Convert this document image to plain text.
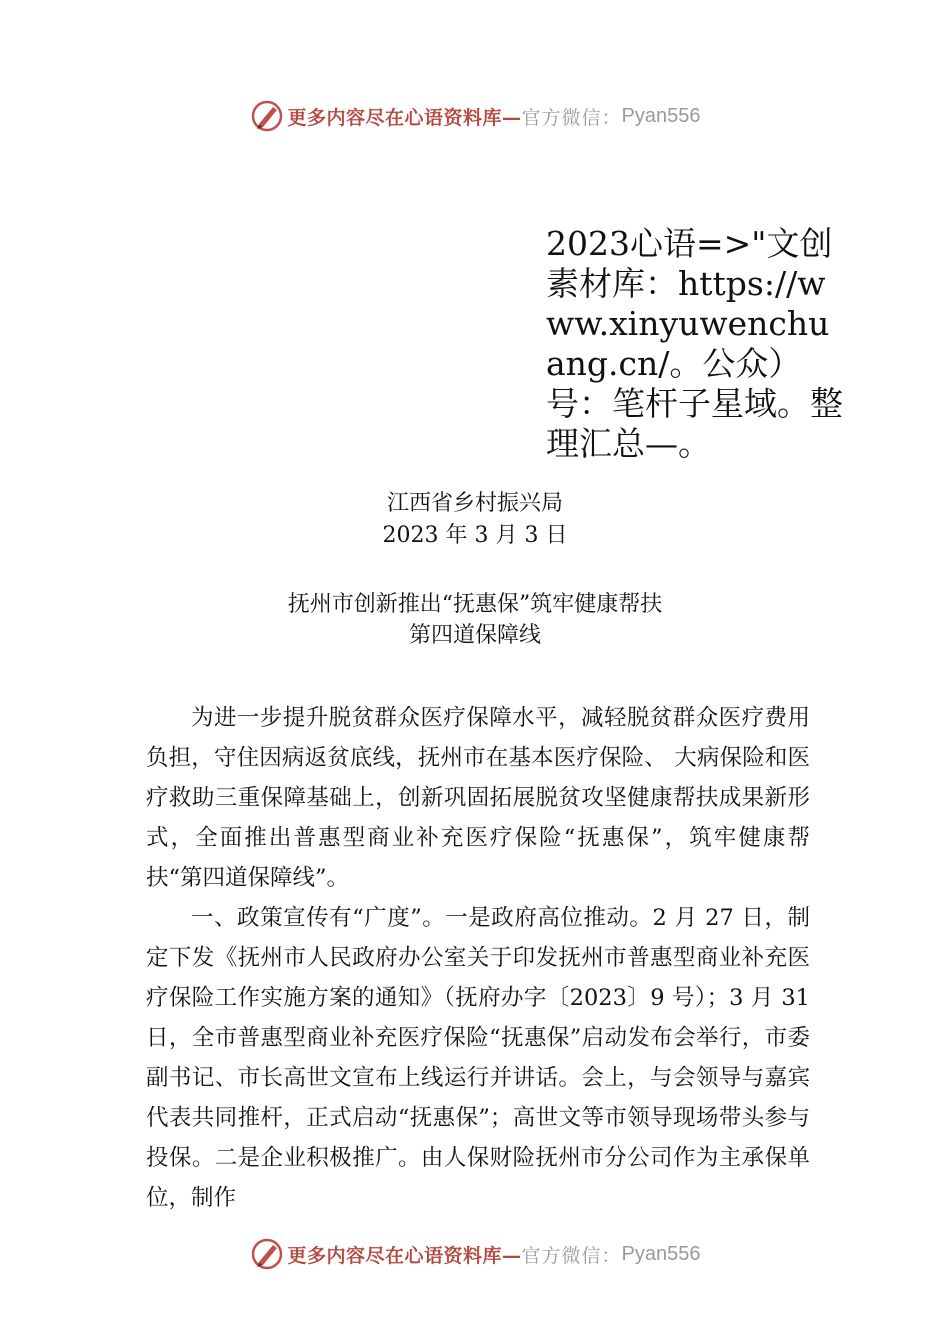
更多内容尽在心语资料库— 官方微信： Pyan556
2023心语=>"文创素材库：https://www.xinyuwenchuang.cn/。公众）号：笔杆子星域。整理汇总—。
江西省乡村振兴局
2023 年 3 月 3 日
抚州市创新推出“抚惠保”筑牢健康帮扶
第四道保障线

为进一步提升脱贫群众医疗保障水平，减轻脱贫群众医疗费用负担，守住因病返贫底线，抚州市在基本医疗保险、 大病保险和医疗救助三重保障基础上，创新巩固拓展脱贫攻坚健康帮扶成果新形式，全面推出普惠型商业补充医疗保险“抚惠保”，筑牢健康帮扶“第四道保障线”。

一、政策宣传有“广度”。一是政府高位推动。2 月 27 日，制定下发《抚州市人民政府办公室关于印发抚州市普惠型商业补充医疗保险工作实施方案的通知》（抚府办字〔2023〕9 号）；3 月 31 日，全市普惠型商业补充医疗保险“抚惠保”启动发布会举行，市委副书记、市长高世文宣布上线运行并讲话。会上，与会领导与嘉宾代表共同推杆，正式启动“抚惠保”；高世文等市领导现场带头参与投保。二是企业积极推广。由人保财险抚州市分公司作为主承保单位，制作

更多内容尽在心语资料库— 官方微信： Pyan556
